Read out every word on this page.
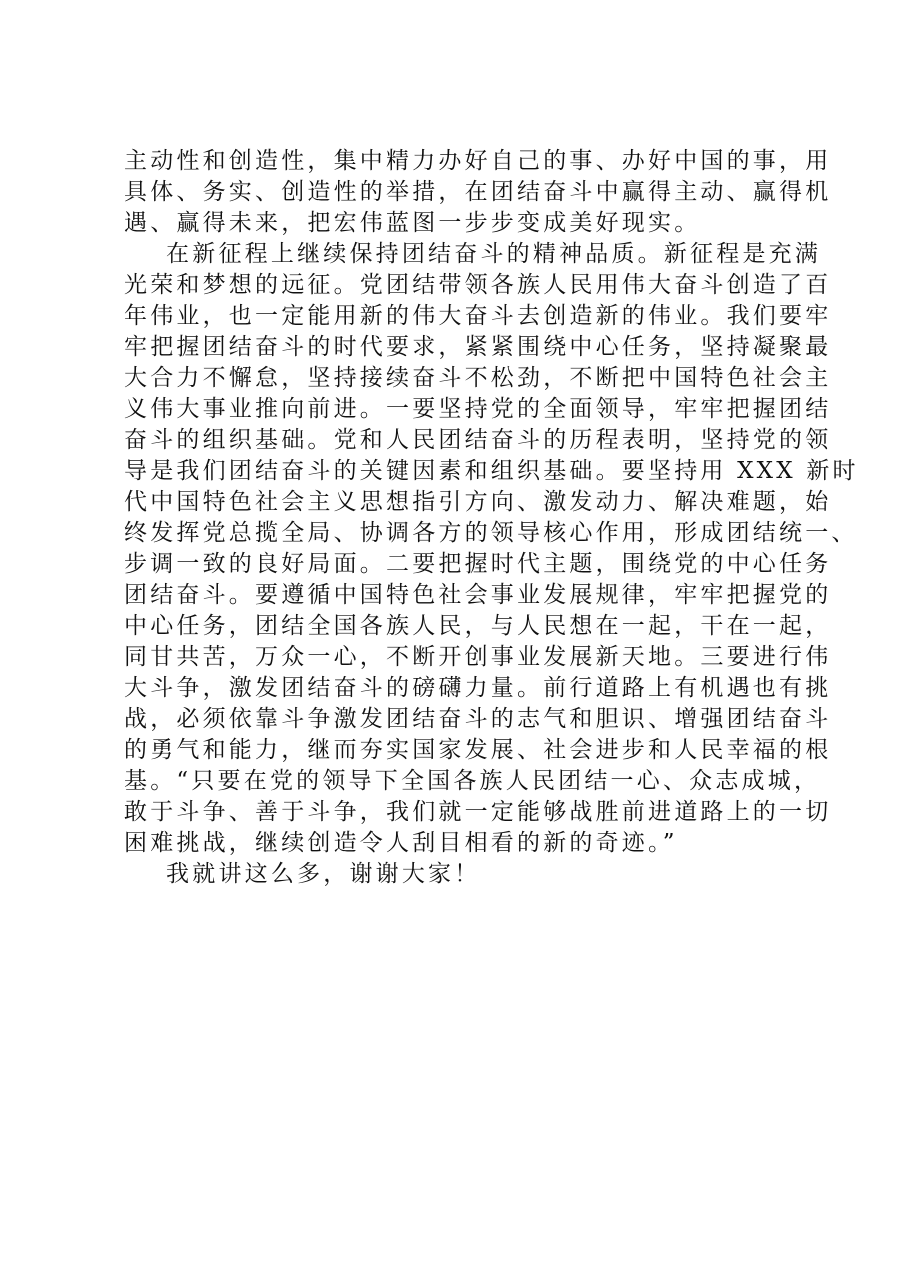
主动性和创造性，集中精力办好自己的事、办好中国的事，用
具体、务实、创造性的举措，在团结奋斗中赢得主动、赢得机
遇、赢得未来，把宏伟蓝图一步步变成美好现实。
在新征程上继续保持团结奋斗的精神品质。新征程是充满
光荣和梦想的远征。党团结带领各族人民用伟大奋斗创造了百
年伟业，也一定能用新的伟大奋斗去创造新的伟业。我们要牢
牢把握团结奋斗的时代要求，紧紧围绕中心任务，坚持凝聚最
大合力不懈怠，坚持接续奋斗不松劲，不断把中国特色社会主
义伟大事业推向前进。一要坚持党的全面领导，牢牢把握团结
奋斗的组织基础。党和人民团结奋斗的历程表明，坚持党的领
导是我们团结奋斗的关键因素和组织基础。要坚持用 XXX 新时
代中国特色社会主义思想指引方向、激发动力、解决难题，始
终发挥党总揽全局、协调各方的领导核心作用，形成团结统一、
步调一致的良好局面。二要把握时代主题，围绕党的中心任务
团结奋斗。要遵循中国特色社会事业发展规律，牢牢把握党的
中心任务，团结全国各族人民，与人民想在一起，干在一起，
同甘共苦，万众一心，不断开创事业发展新天地。三要进行伟
大斗争，激发团结奋斗的磅礴力量。前行道路上有机遇也有挑
战，必须依靠斗争激发团结奋斗的志气和胆识、增强团结奋斗
的勇气和能力，继而夯实国家发展、社会进步和人民幸福的根
基。“只要在党的领导下全国各族人民团结一心、众志成城，
敢于斗争、善于斗争，我们就一定能够战胜前进道路上的一切
困难挑战，继续创造令人刮目相看的新的奇迹。”
我就讲这么多，谢谢大家！
